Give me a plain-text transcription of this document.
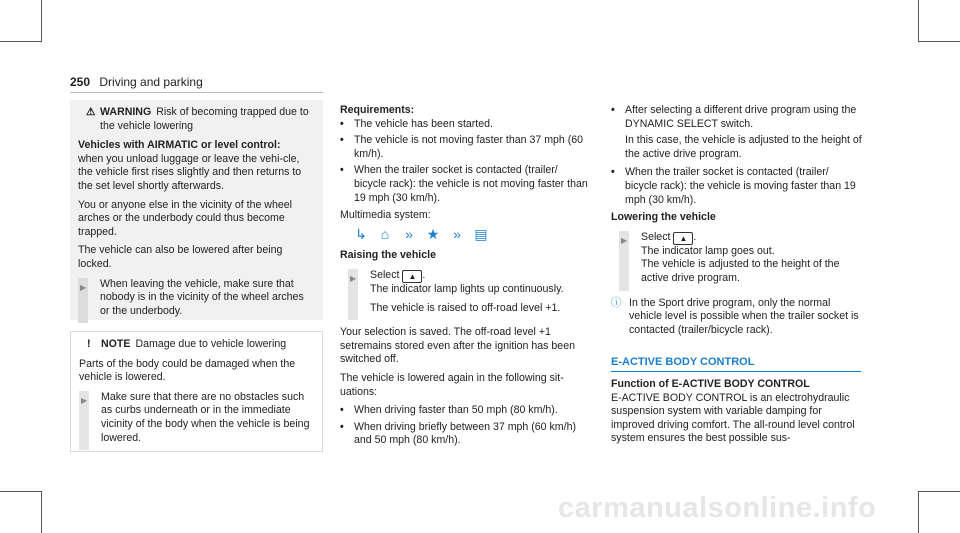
250 Driving and parking
⚠ WARNING Risk of becoming trapped due to the vehicle lowering
Vehicles with AIRMATIC or level control:

when you unload luggage or leave the vehi-cle, the vehicle first rises slightly and then returns to the set level shortly afterwards.

You or anyone else in the vicinity of the wheel arches or the underbody could thus become trapped.

The vehicle can also be lowered after being locked.

▶ When leaving the vehicle, make sure that nobody is in the vicinity of the wheel arches or the underbody.

! NOTE Damage due to vehicle lowering

Parts of the body could be damaged when the vehicle is lowered.

▶ Make sure that there are no obstacles such as curbs underneath or in the immediate vicinity of the body when the vehicle is being lowered.

Requirements:
• The vehicle has been started.
• The vehicle is not moving faster than 37 mph (60 km/h).
• When the trailer socket is contacted (trailer/ bicycle rack): the vehicle is not moving faster than 19 mph (30 km/h).

Multimedia system:

↳ ⌂ » ★ » ▤
Raising the vehicle
▶ Select ▲ .

The indicator lamp lights up continuously.

The vehicle is raised to off-road level +1.

Your selection is saved. The off-road level +1 setremains stored even after the ignition has been switched off.

The vehicle is lowered again in the following sit-uations:

• When driving faster than 50 mph (80 km/h).
• When driving briefly between 37 mph (60 km/h) and 50 mph (80 km/h).
• After selecting a different drive program using the DYNAMIC SELECT switch.

In this case, the vehicle is adjusted to the height of the active drive program.

• When the trailer socket is contacted (trailer/ bicycle rack): the vehicle is moving faster than 19 mph (30 km/h).
Lowering the vehicle
▶ Select ▲ .

The indicator lamp goes out.

The vehicle is adjusted to the height of the active drive program.

ⓘ In the Sport drive program, only the normal vehicle level is possible when the trailer socket is contacted (trailer/bicycle rack).
E-ACTIVE BODY CONTROL
Function of E-ACTIVE BODY CONTROL

E-ACTIVE BODY CONTROL is an electrohydraulic suspension system with variable damping for improved driving comfort. The all-round level control system ensures the best possible sus-

carmanualsonline.info
